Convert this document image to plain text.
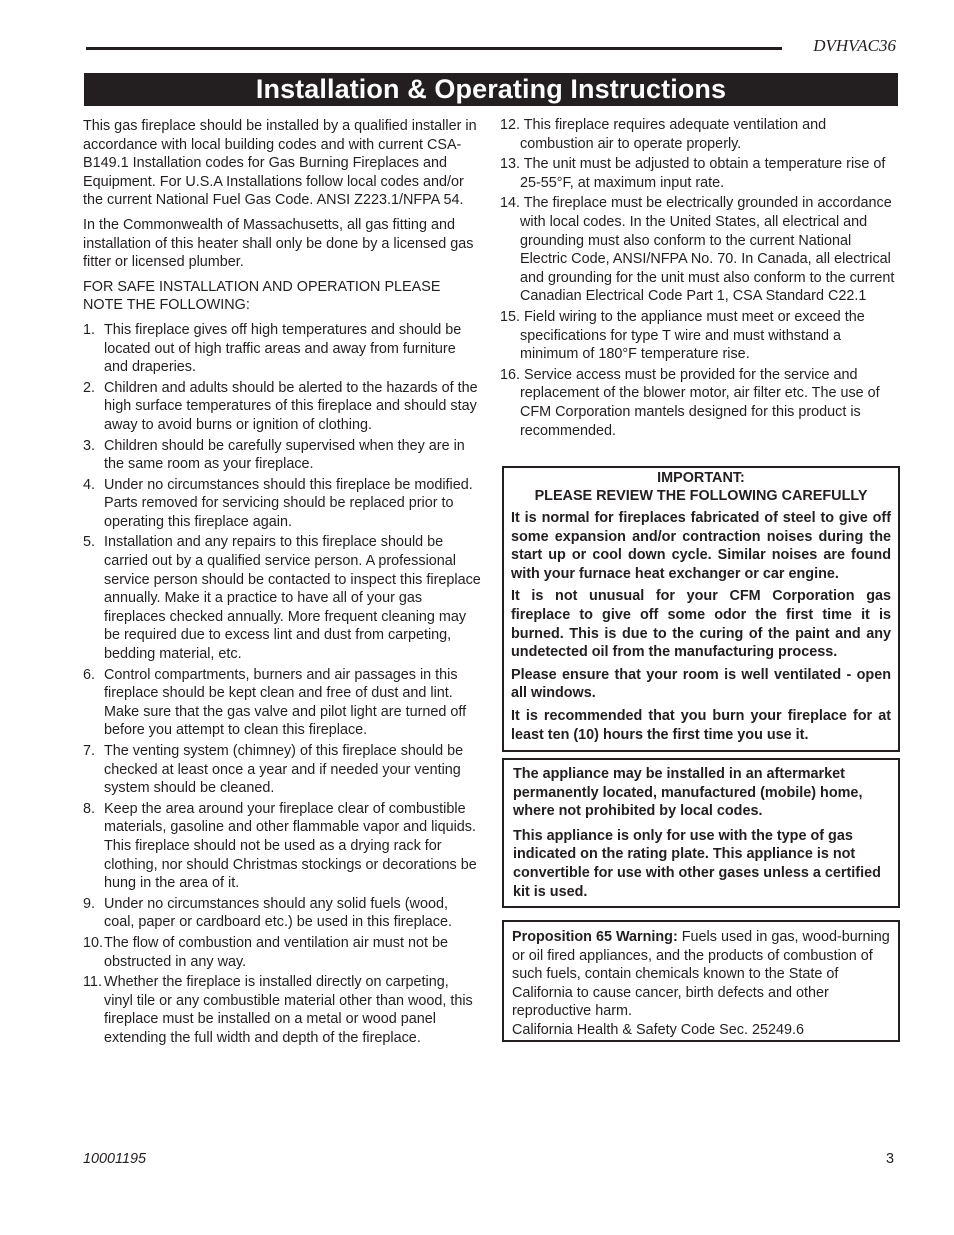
DVHVAC36
Installation & Operating Instructions

This gas fireplace should be installed by a qualified installer in accordance with local building codes and with current CSA-B149.1 Installation codes for Gas Burning Fireplaces and Equipment. For U.S.A Installations follow local codes and/or the current National Fuel Gas Code. ANSI Z223.1/NFPA 54.

In the Commonwealth of Massachusetts, all gas fitting and installation of this heater shall only be done by a licensed gas fitter or licensed plumber.

FOR SAFE INSTALLATION AND OPERATION PLEASE NOTE THE FOLLOWING:

1. This fireplace gives off high temperatures and should be located out of high traffic areas and away from furniture and draperies.
2. Children and adults should be alerted to the hazards of the high surface temperatures of this fireplace and should stay away to avoid burns or ignition of clothing.
3. Children should be carefully supervised when they are in the same room as your fireplace.
4. Under no circumstances should this fireplace be modified. Parts removed for servicing should be replaced prior to operating this fireplace again.
5. Installation and any repairs to this fireplace should be carried out by a qualified service person. A professional service person should be contacted to inspect this fireplace annually. Make it a practice to have all of your gas fireplaces checked annually. More frequent cleaning may be required due to excess lint and dust from carpeting, bedding material, etc.
6. Control compartments, burners and air passages in this fireplace should be kept clean and free of dust and lint. Make sure that the gas valve and pilot light are turned off before you attempt to clean this fireplace.
7. The venting system (chimney) of this fireplace should be checked at least once a year and if needed your venting system should be cleaned.
8. Keep the area around your fireplace clear of combustible materials, gasoline and other flammable vapor and liquids. This fireplace should not be used as a drying rack for clothing, nor should Christmas stockings or decorations be hung in the area of it.
9. Under no circumstances should any solid fuels (wood, coal, paper or cardboard etc.) be used in this fireplace.
10. The flow of combustion and ventilation air must not be obstructed in any way.
11. Whether the fireplace is installed directly on carpeting, vinyl tile or any combustible material other than wood, this fireplace must be installed on a metal or wood panel extending the full width and depth of the fireplace.
12. This fireplace requires adequate ventilation and combustion air to operate properly.
13. The unit must be adjusted to obtain a temperature rise of 25-55°F, at maximum input rate.
14. The fireplace must be electrically grounded in accordance with local codes. In the United States, all electrical and grounding must also conform to the current National Electric Code, ANSI/NFPA No. 70. In Canada, all electrical and grounding for the unit must also conform to the current Canadian Electrical Code Part 1, CSA Standard C22.1
15. Field wiring to the appliance must meet or exceed the specifications for type T wire and must withstand a minimum of 180°F temperature rise.
16. Service access must be provided for the service and replacement of the blower motor, air filter etc. The use of CFM Corporation mantels designed for this product is recommended.
IMPORTANT:
PLEASE REVIEW THE FOLLOWING CAREFULLY

It is normal for fireplaces fabricated of steel to give off some expansion and/or contraction noises during the start up or cool down cycle. Similar noises are found with your furnace heat exchanger or car engine.

It is not unusual for your CFM Corporation gas fireplace to give off some odor the first time it is burned. This is due to the curing of the paint and any undetected oil from the manufacturing process.

Please ensure that your room is well ventilated - open all windows.

It is recommended that you burn your fireplace for at least ten (10) hours the first time you use it.

The appliance may be installed in an aftermarket permanently located, manufactured (mobile) home, where not prohibited by local codes.

This appliance is only for use with the type of gas indicated on the rating plate. This appliance is not convertible for use with other gases unless a certified kit is used.

Proposition 65 Warning: Fuels used in gas, wood-burning or oil fired appliances, and the products of combustion of such fuels, contain chemicals known to the State of California to cause cancer, birth defects and other reproductive harm.

California Health & Safety Code Sec. 25249.6

10001195	3
